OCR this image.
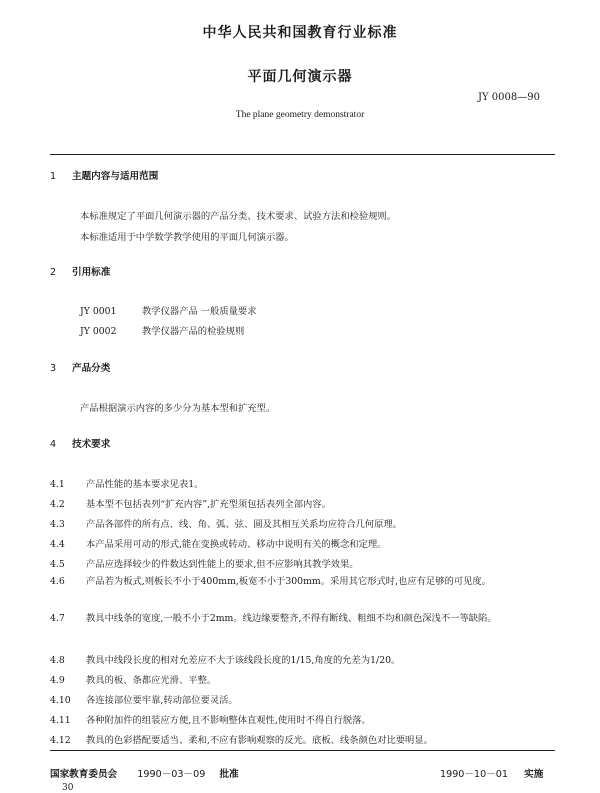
中华人民共和国教育行业标准
平面几何演示器
JY 0008—90
The plane geometry demonstrator
1 主题内容与适用范围
本标准规定了平面几何演示器的产品分类、技术要求、试验方法和检验规则。
本标准适用于中学数学教学使用的平面几何演示器。
2 引用标准
JY 0001	教学仪器产品 一般质量要求
JY 0002	教学仪器产品的检验规则
3 产品分类
产品根据演示内容的多少分为基本型和扩充型。
4 技术要求
4.1 产品性能的基本要求见表1。
4.2 基本型不包括表列“扩充内容”,扩充型须包括表列全部内容。
4.3 产品各部件的所有点、线、角、弧、弦、圆及其相互关系均应符合几何原理。
4.4 本产品采用可动的形式,能在变换或转动、移动中说明有关的概念和定理。
4.5 产品应选择较少的件数达到性能上的要求,但不应影响其教学效果。
4.6 产品若为板式,则板长不小于400mm,板宽不小于300mm。采用其它形式时,也应有足够的可见度。
4.7 教具中线条的宽度,一般不小于2mm。线边缘要整齐,不得有断线、粗细不均和颜色深浅不一等缺陷。
4.8 教具中线段长度的相对允差应不大于该线段长度的1/15,角度的允差为1/20。
4.9 教具的板、条都应光滑、平整。
4.10 各连接部位要牢靠,转动部位要灵活。
4.11 各种附加件的组装应方便,且不影响整体直观性,使用时不得自行脱落。
4.12 教具的色彩搭配要适当、柔和,不应有影响观察的反光。底板、线条颜色对比要明显。
国家教育委员会 1990－03－09 批准	1990－10－01 实施
30
